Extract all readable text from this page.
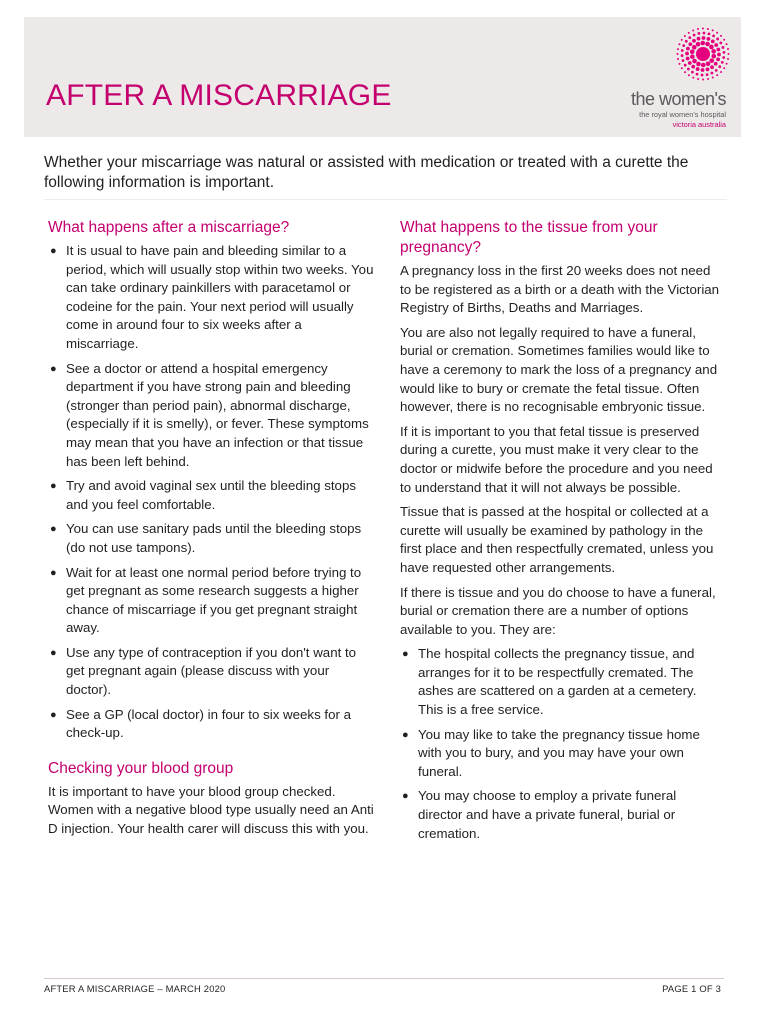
AFTER A MISCARRIAGE	the women's
the royal women's hospital
victoria australia

Whether your miscarriage was natural or assisted with medication or treated with a curette the following information is important.

What happens after a miscarriage?
● It is usual to have pain and bleeding similar to a period, which will usually stop within two weeks. You can take ordinary painkillers with paracetamol or codeine for the pain. Your next period will usually come in around four to six weeks after a miscarriage.
● See a doctor or attend a hospital emergency department if you have strong pain and bleeding (stronger than period pain), abnormal discharge, (especially if it is smelly), or fever. These symptoms may mean that you have an infection or that tissue has been left behind.
● Try and avoid vaginal sex until the bleeding stops and you feel comfortable.
● You can use sanitary pads until the bleeding stops (do not use tampons).
● Wait for at least one normal period before trying to get pregnant as some research suggests a higher chance of miscarriage if you get pregnant straight away.
● Use any type of contraception if you don't want to get pregnant again (please discuss with your doctor).
● See a GP (local doctor) in four to six weeks for a check-up.
Checking your blood group

It is important to have your blood group checked. Women with a negative blood type usually need an Anti D injection. Your health carer will discuss this with you.

What happens to the tissue from your pregnancy?

A pregnancy loss in the first 20 weeks does not need to be registered as a birth or a death with the Victorian Registry of Births, Deaths and Marriages.

You are also not legally required to have a funeral, burial or cremation. Sometimes families would like to have a ceremony to mark the loss of a pregnancy and would like to bury or cremate the fetal tissue. Often however, there is no recognisable embryonic tissue.

If it is important to you that fetal tissue is preserved during a curette, you must make it very clear to the doctor or midwife before the procedure and you need to understand that it will not always be possible.

Tissue that is passed at the hospital or collected at a curette will usually be examined by pathology in the first place and then respectfully cremated, unless you have requested other arrangements.

If there is tissue and you do choose to have a funeral, burial or cremation there are a number of options available to you. They are:

● The hospital collects the pregnancy tissue, and arranges for it to be respectfully cremated. The ashes are scattered on a garden at a cemetery. This is a free service.
● You may like to take the pregnancy tissue home with you to bury, and you may have your own funeral.
● You may choose to employ a private funeral director and have a private funeral, burial or cremation.
AFTER A MISCARRIAGE – MARCH 2020	PAGE 1 OF 3
